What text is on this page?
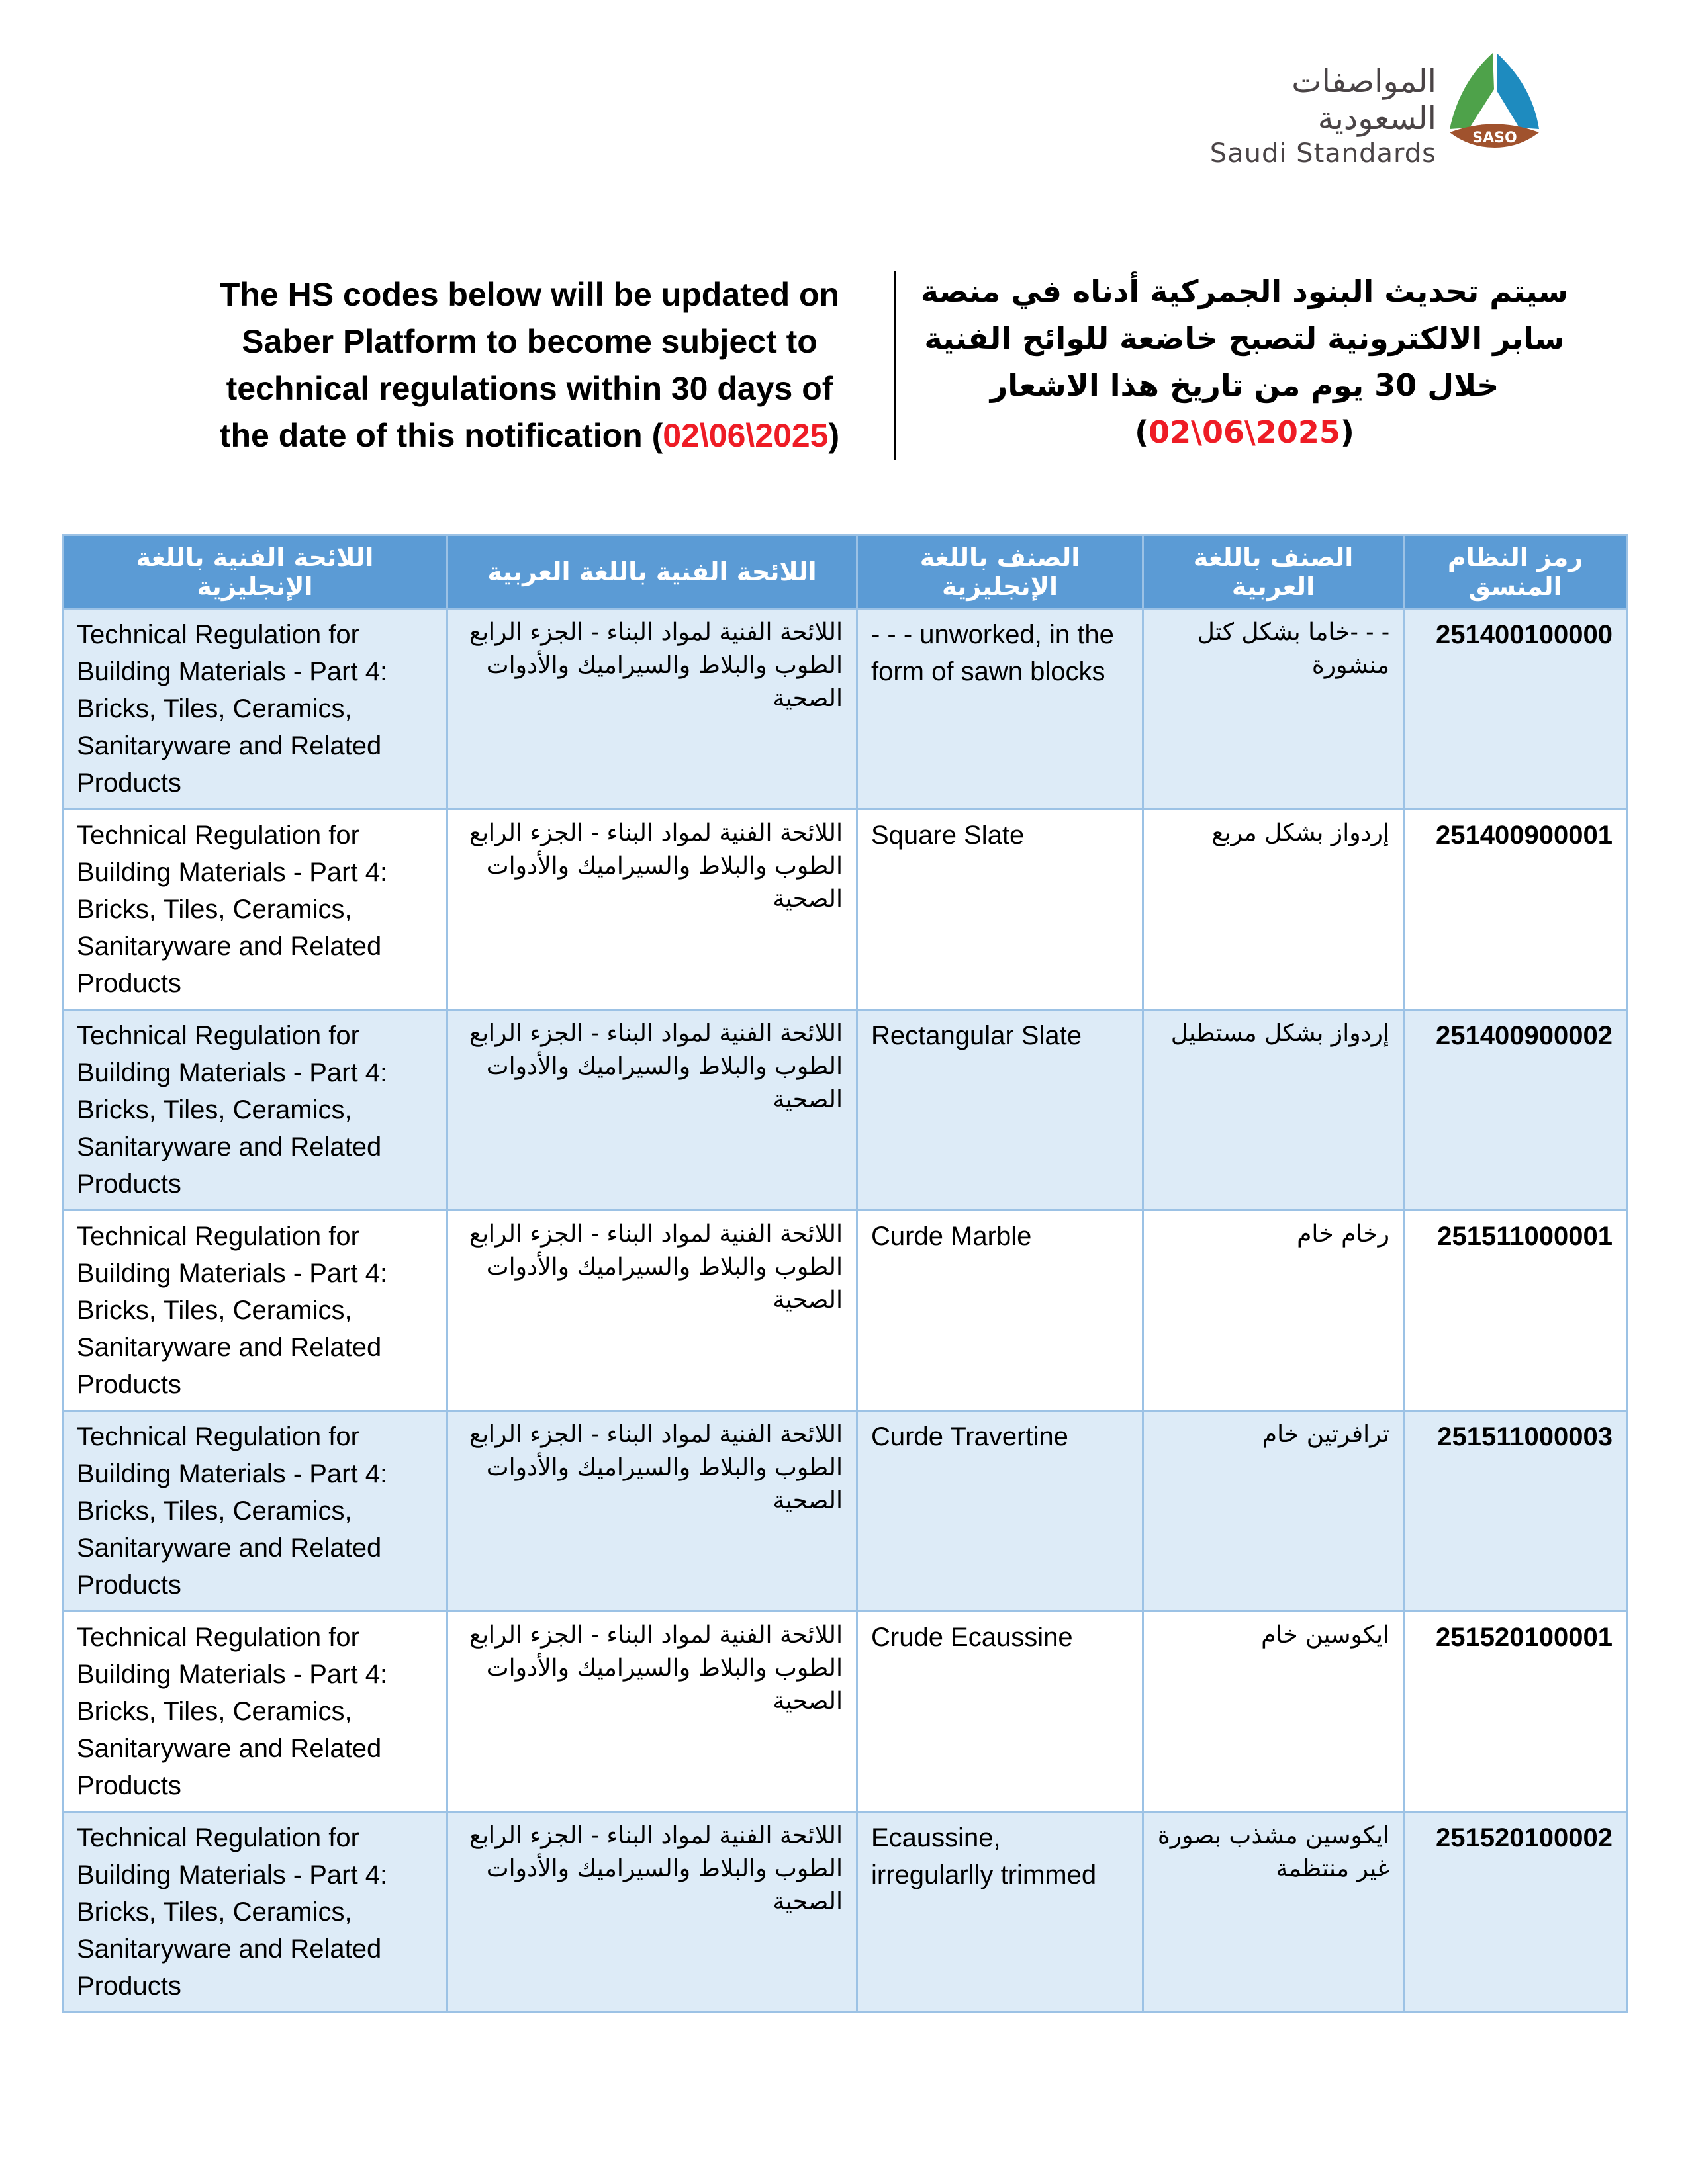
المواصفات السعودية
Saudi Standards
SASO
The HS codes below will be updated on Saber Platform to become subject to technical regulations within 30 days of the date of this notification (02\06\2025)
سيتم تحديث البنود الجمركية أدناه في منصة سابر الالكترونية لتصبح خاضعة للوائح الفنية خلال 30 يوم من تاريخ هذا الاشعار (2025\06\02)
اللائحة الفنية باللغة الإنجليزية	اللائحة الفنية باللغة العربية	الصنف باللغة الإنجليزية	الصنف باللغة العربية	رمز النظام المنسق
Technical Regulation for Building Materials - Part 4: Bricks, Tiles, Ceramics, Sanitaryware and Related Products	اللائحة الفنية لمواد البناء - الجزء الرابع الطوب والبلاط والسيراميك والأدوات الصحية	- - - unworked, in the form of sawn blocks	- - -خاما بشكل كتل منشورة	251400100000
Technical Regulation for Building Materials - Part 4: Bricks, Tiles, Ceramics, Sanitaryware and Related Products	اللائحة الفنية لمواد البناء - الجزء الرابع الطوب والبلاط والسيراميك والأدوات الصحية	Square Slate	إردواز بشكل مربع	251400900001
Technical Regulation for Building Materials - Part 4: Bricks, Tiles, Ceramics, Sanitaryware and Related Products	اللائحة الفنية لمواد البناء - الجزء الرابع الطوب والبلاط والسيراميك والأدوات الصحية	Rectangular Slate	إردواز بشكل مستطيل	251400900002
Technical Regulation for Building Materials - Part 4: Bricks, Tiles, Ceramics, Sanitaryware and Related Products	اللائحة الفنية لمواد البناء - الجزء الرابع الطوب والبلاط والسيراميك والأدوات الصحية	Curde Marble	رخام خام	251511000001
Technical Regulation for Building Materials - Part 4: Bricks, Tiles, Ceramics, Sanitaryware and Related Products	اللائحة الفنية لمواد البناء - الجزء الرابع الطوب والبلاط والسيراميك والأدوات الصحية	Curde Travertine	ترافرتين خام	251511000003
Technical Regulation for Building Materials - Part 4: Bricks, Tiles, Ceramics, Sanitaryware and Related Products	اللائحة الفنية لمواد البناء - الجزء الرابع الطوب والبلاط والسيراميك والأدوات الصحية	Crude Ecaussine	ايكوسين خام	251520100001
Technical Regulation for Building Materials - Part 4: Bricks, Tiles, Ceramics, Sanitaryware and Related Products	اللائحة الفنية لمواد البناء - الجزء الرابع الطوب والبلاط والسيراميك والأدوات الصحية	Ecaussine, irregularlly trimmed	ايكوسين مشذب بصورة غير منتظمة	251520100002
